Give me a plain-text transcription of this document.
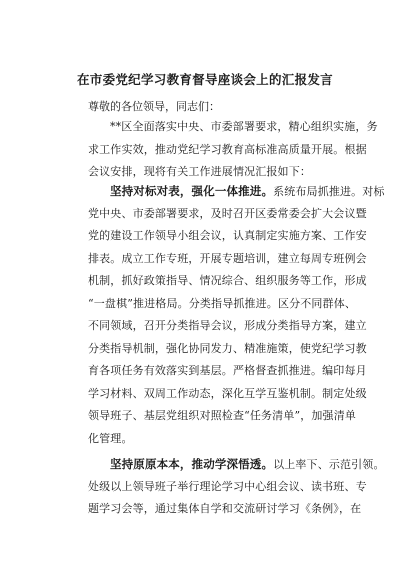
在市委党纪学习教育督导座谈会上的汇报发言
尊敬的各位领导，同志们：
**区全面落实中央、市委部署要求，精心组织实施，务
求工作实效，推动党纪学习教育高标准高质量开展。根据
会议安排，现将有关工作进展情况汇报如下：
坚持对标对表，强化一体推进。系统布局抓推进。对标
党中央、市委部署要求，及时召开区委常委会扩大会议暨
党的建设工作领导小组会议，认真制定实施方案、工作安
排表。成立工作专班，开展专题培训，建立每周专班例会
机制，抓好政策指导、情况综合、组织服务等工作，形成
“一盘棋”推进格局。分类指导抓推进。区分不同群体、
不同领域，召开分类指导会议，形成分类指导方案，建立
分类指导机制，强化协同发力、精准施策，使党纪学习教
育各项任务有效落实到基层。严格督查抓推进。编印每月
学习材料、双周工作动态，深化互学互鉴机制。制定处级
领导班子、基层党组织对照检查“任务清单”，加强清单
化管理。
坚持原原本本，推动学深悟透。以上率下、示范引领。
处级以上领导班子举行理论学习中心组会议、读书班、专
题学习会等，通过集体自学和交流研讨学习《条例》，在
